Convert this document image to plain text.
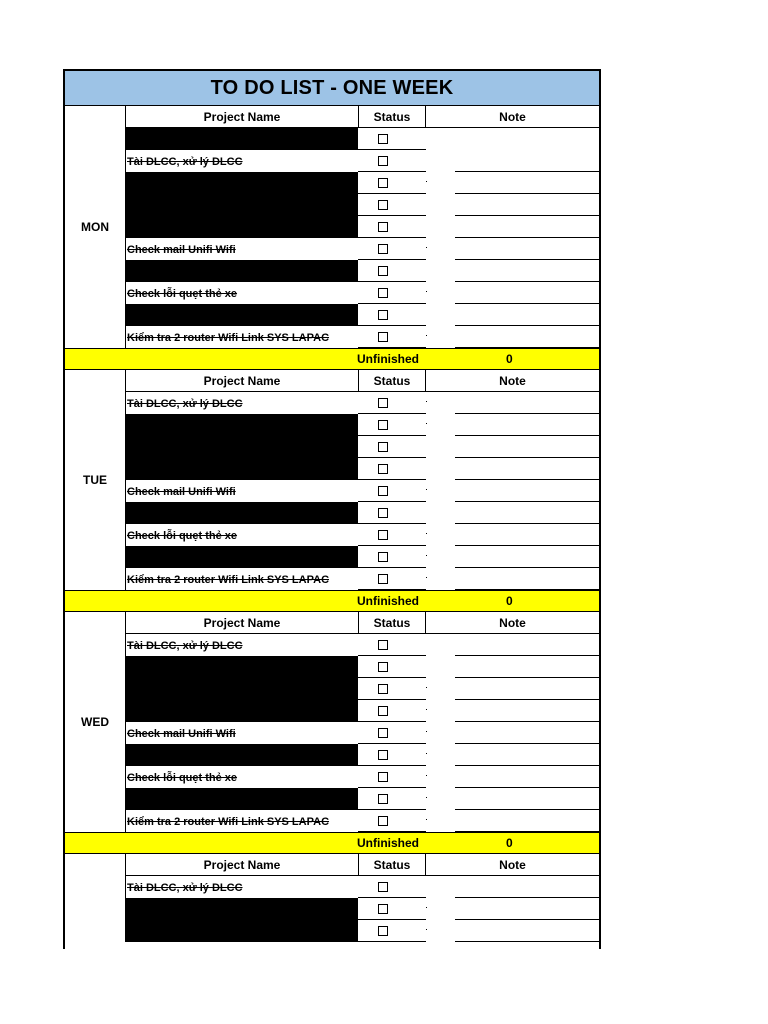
TO DO LIST - ONE WEEK
MON
Project Name	Status	Note
Tài DLCC, xử lý DLCC
Check mail Unifi Wifi
Check lỗi quẹt thẻ xe
Kiểm tra 2 router Wifi Link SYS LAPAC
Unfinished	0
TUE
Project Name	Status	Note
Tài DLCC, xử lý DLCC
Check mail Unifi Wifi
Check lỗi quẹt thẻ xe
Kiểm tra 2 router Wifi Link SYS LAPAC
Unfinished	0
WED
Project Name	Status	Note
Tài DLCC, xử lý DLCC
Check mail Unifi Wifi
Check lỗi quẹt thẻ xe
Kiểm tra 2 router Wifi Link SYS LAPAC
Unfinished	0
Project Name	Status	Note
Tài DLCC, xử lý DLCC
